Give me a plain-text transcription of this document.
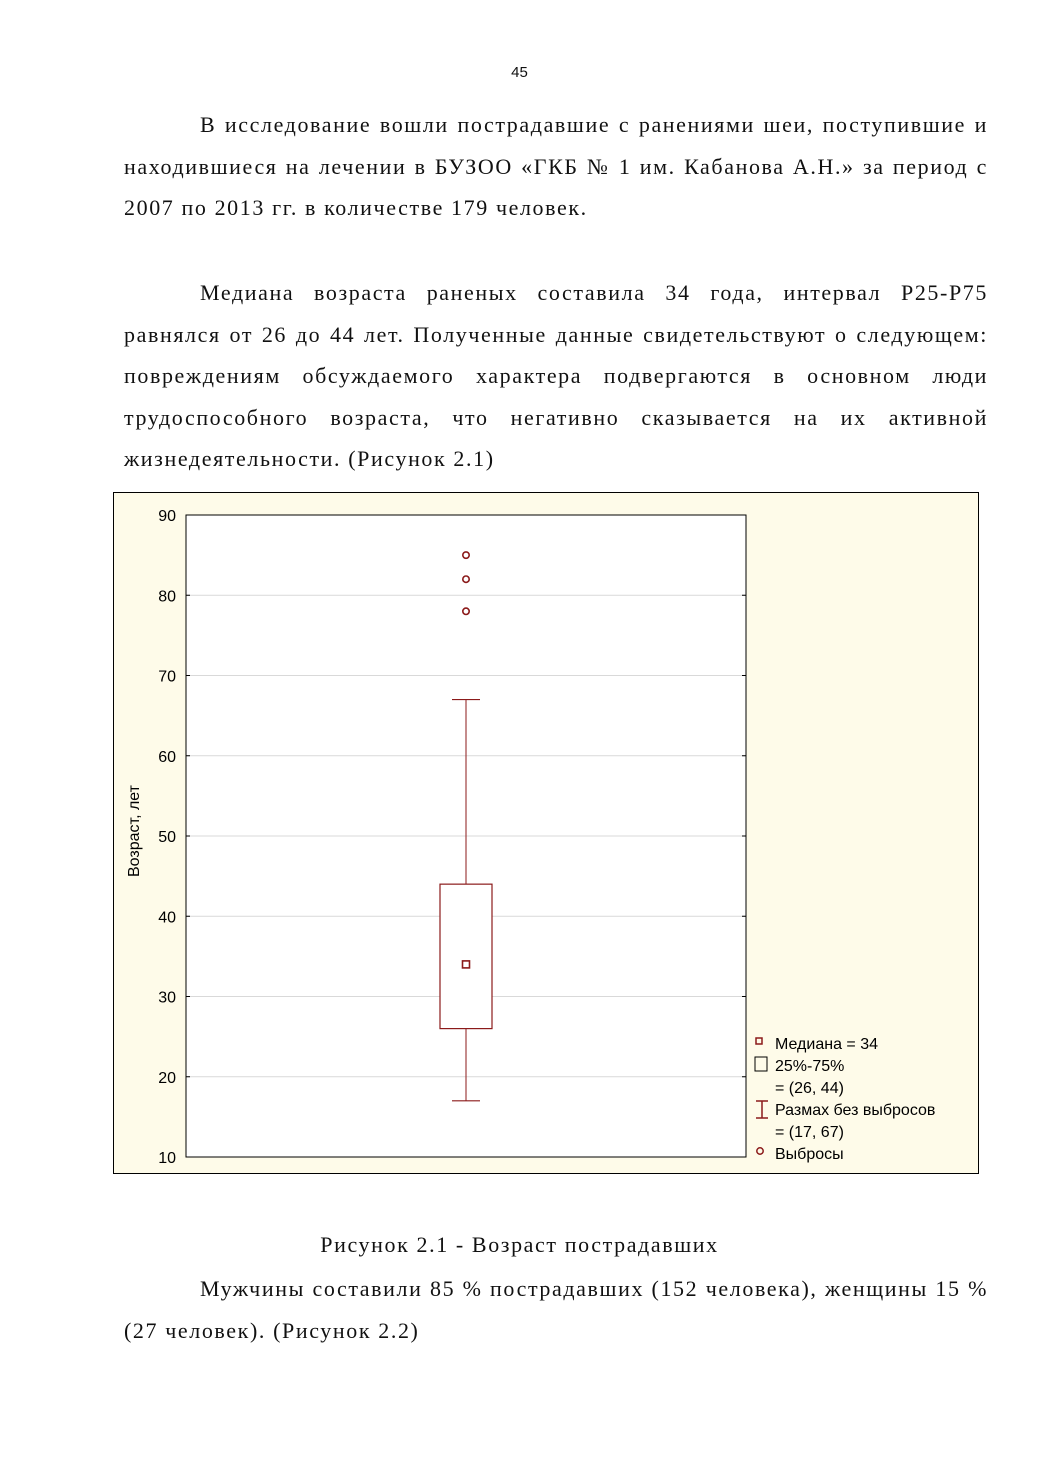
45

В исследование вошли пострадавшие с ранениями шеи, поступившие и находившиеся на лечении в БУЗОО «ГКБ № 1 им. Кабанова А.Н.» за период с 2007 по 2013 гг. в количестве 179 человек.

Медиана возраста раненых составила 34 года, интервал Р25-Р75 равнялся от 26 до 44 лет. Полученные данные свидетельствуют о следующем: повреждениям обсуждаемого характера подвергаются в основном люди трудоспособного возраста, что негативно сказывается на их активной жизнедеятельности. (Рисунок 2.1)

10
20
30
40
50
60
70
80
90
Возраст, лет
Медиана = 34
25%-75%
= (26, 44)
Размах без выбросов
= (17, 67)
Выбросы
Рисунок 2.1 - Возраст пострадавших

Мужчины составили 85 % пострадавших (152 человека), женщины 15 % (27 человек). (Рисунок 2.2)
